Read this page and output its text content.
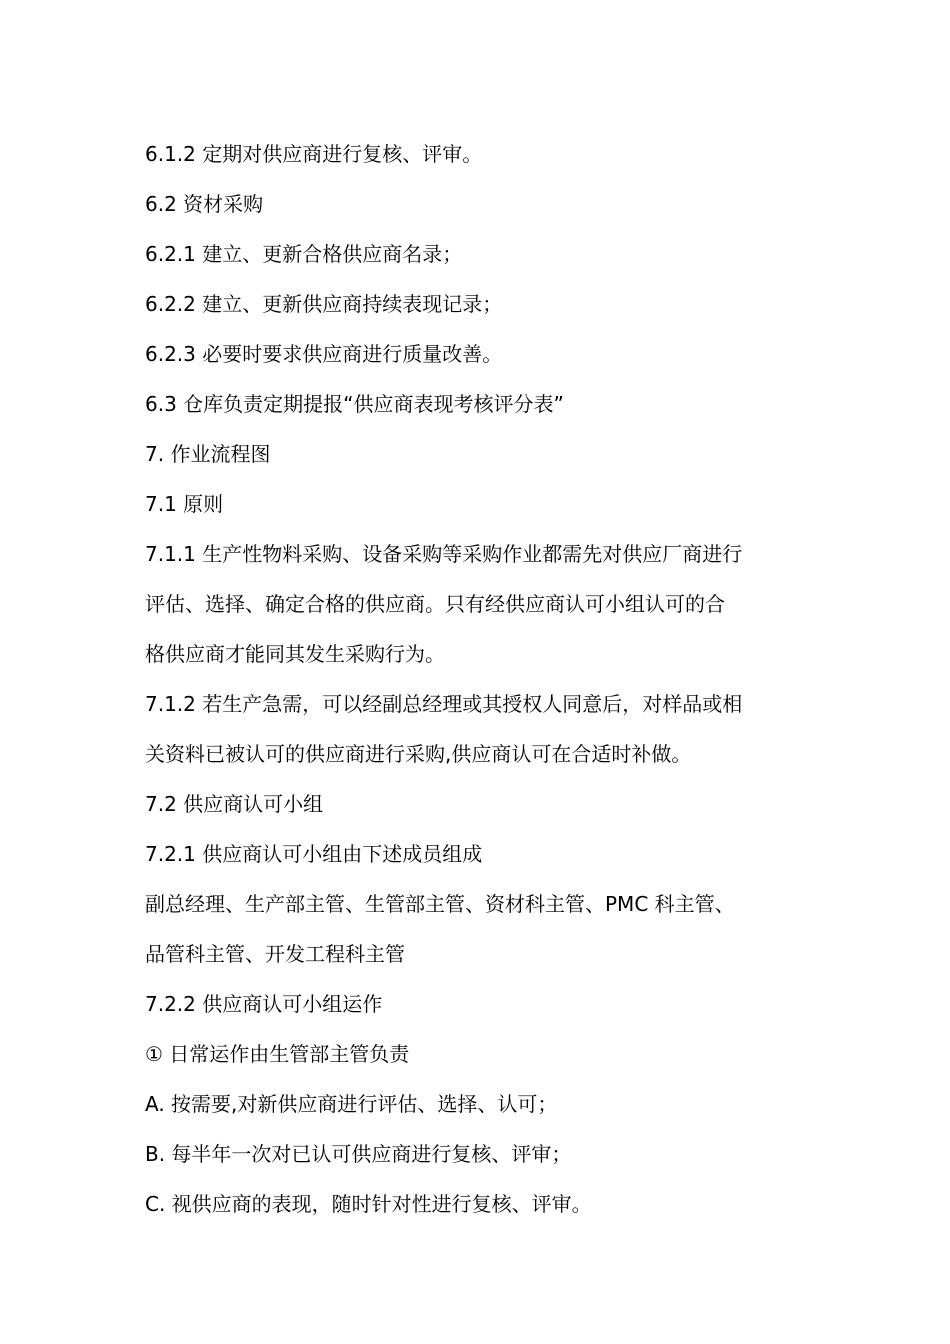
6.1.2 定期对供应商进行复核、评审。
6.2 资材采购
6.2.1 建立、更新合格供应商名录；
6.2.2 建立、更新供应商持续表现记录；
6.2.3 必要时要求供应商进行质量改善。
6.3 仓库负责定期提报“供应商表现考核评分表”
7. 作业流程图
7.1 原则
7.1.1 生产性物料采购、设备采购等采购作业都需先对供应厂商进行
评估、选择、确定合格的供应商。只有经供应商认可小组认可的合
格供应商才能同其发生采购行为。
7.1.2 若生产急需，可以经副总经理或其授权人同意后，对样品或相
关资料已被认可的供应商进行采购,供应商认可在合适时补做。
7.2 供应商认可小组
7.2.1 供应商认可小组由下述成员组成
副总经理、生产部主管、生管部主管、资材科主管、PMC 科主管、
品管科主管、开发工程科主管
7.2.2 供应商认可小组运作
① 日常运作由生管部主管负责
A. 按需要,对新供应商进行评估、选择、认可；
B. 每半年一次对已认可供应商进行复核、评审；
C. 视供应商的表现，随时针对性进行复核、评审。
